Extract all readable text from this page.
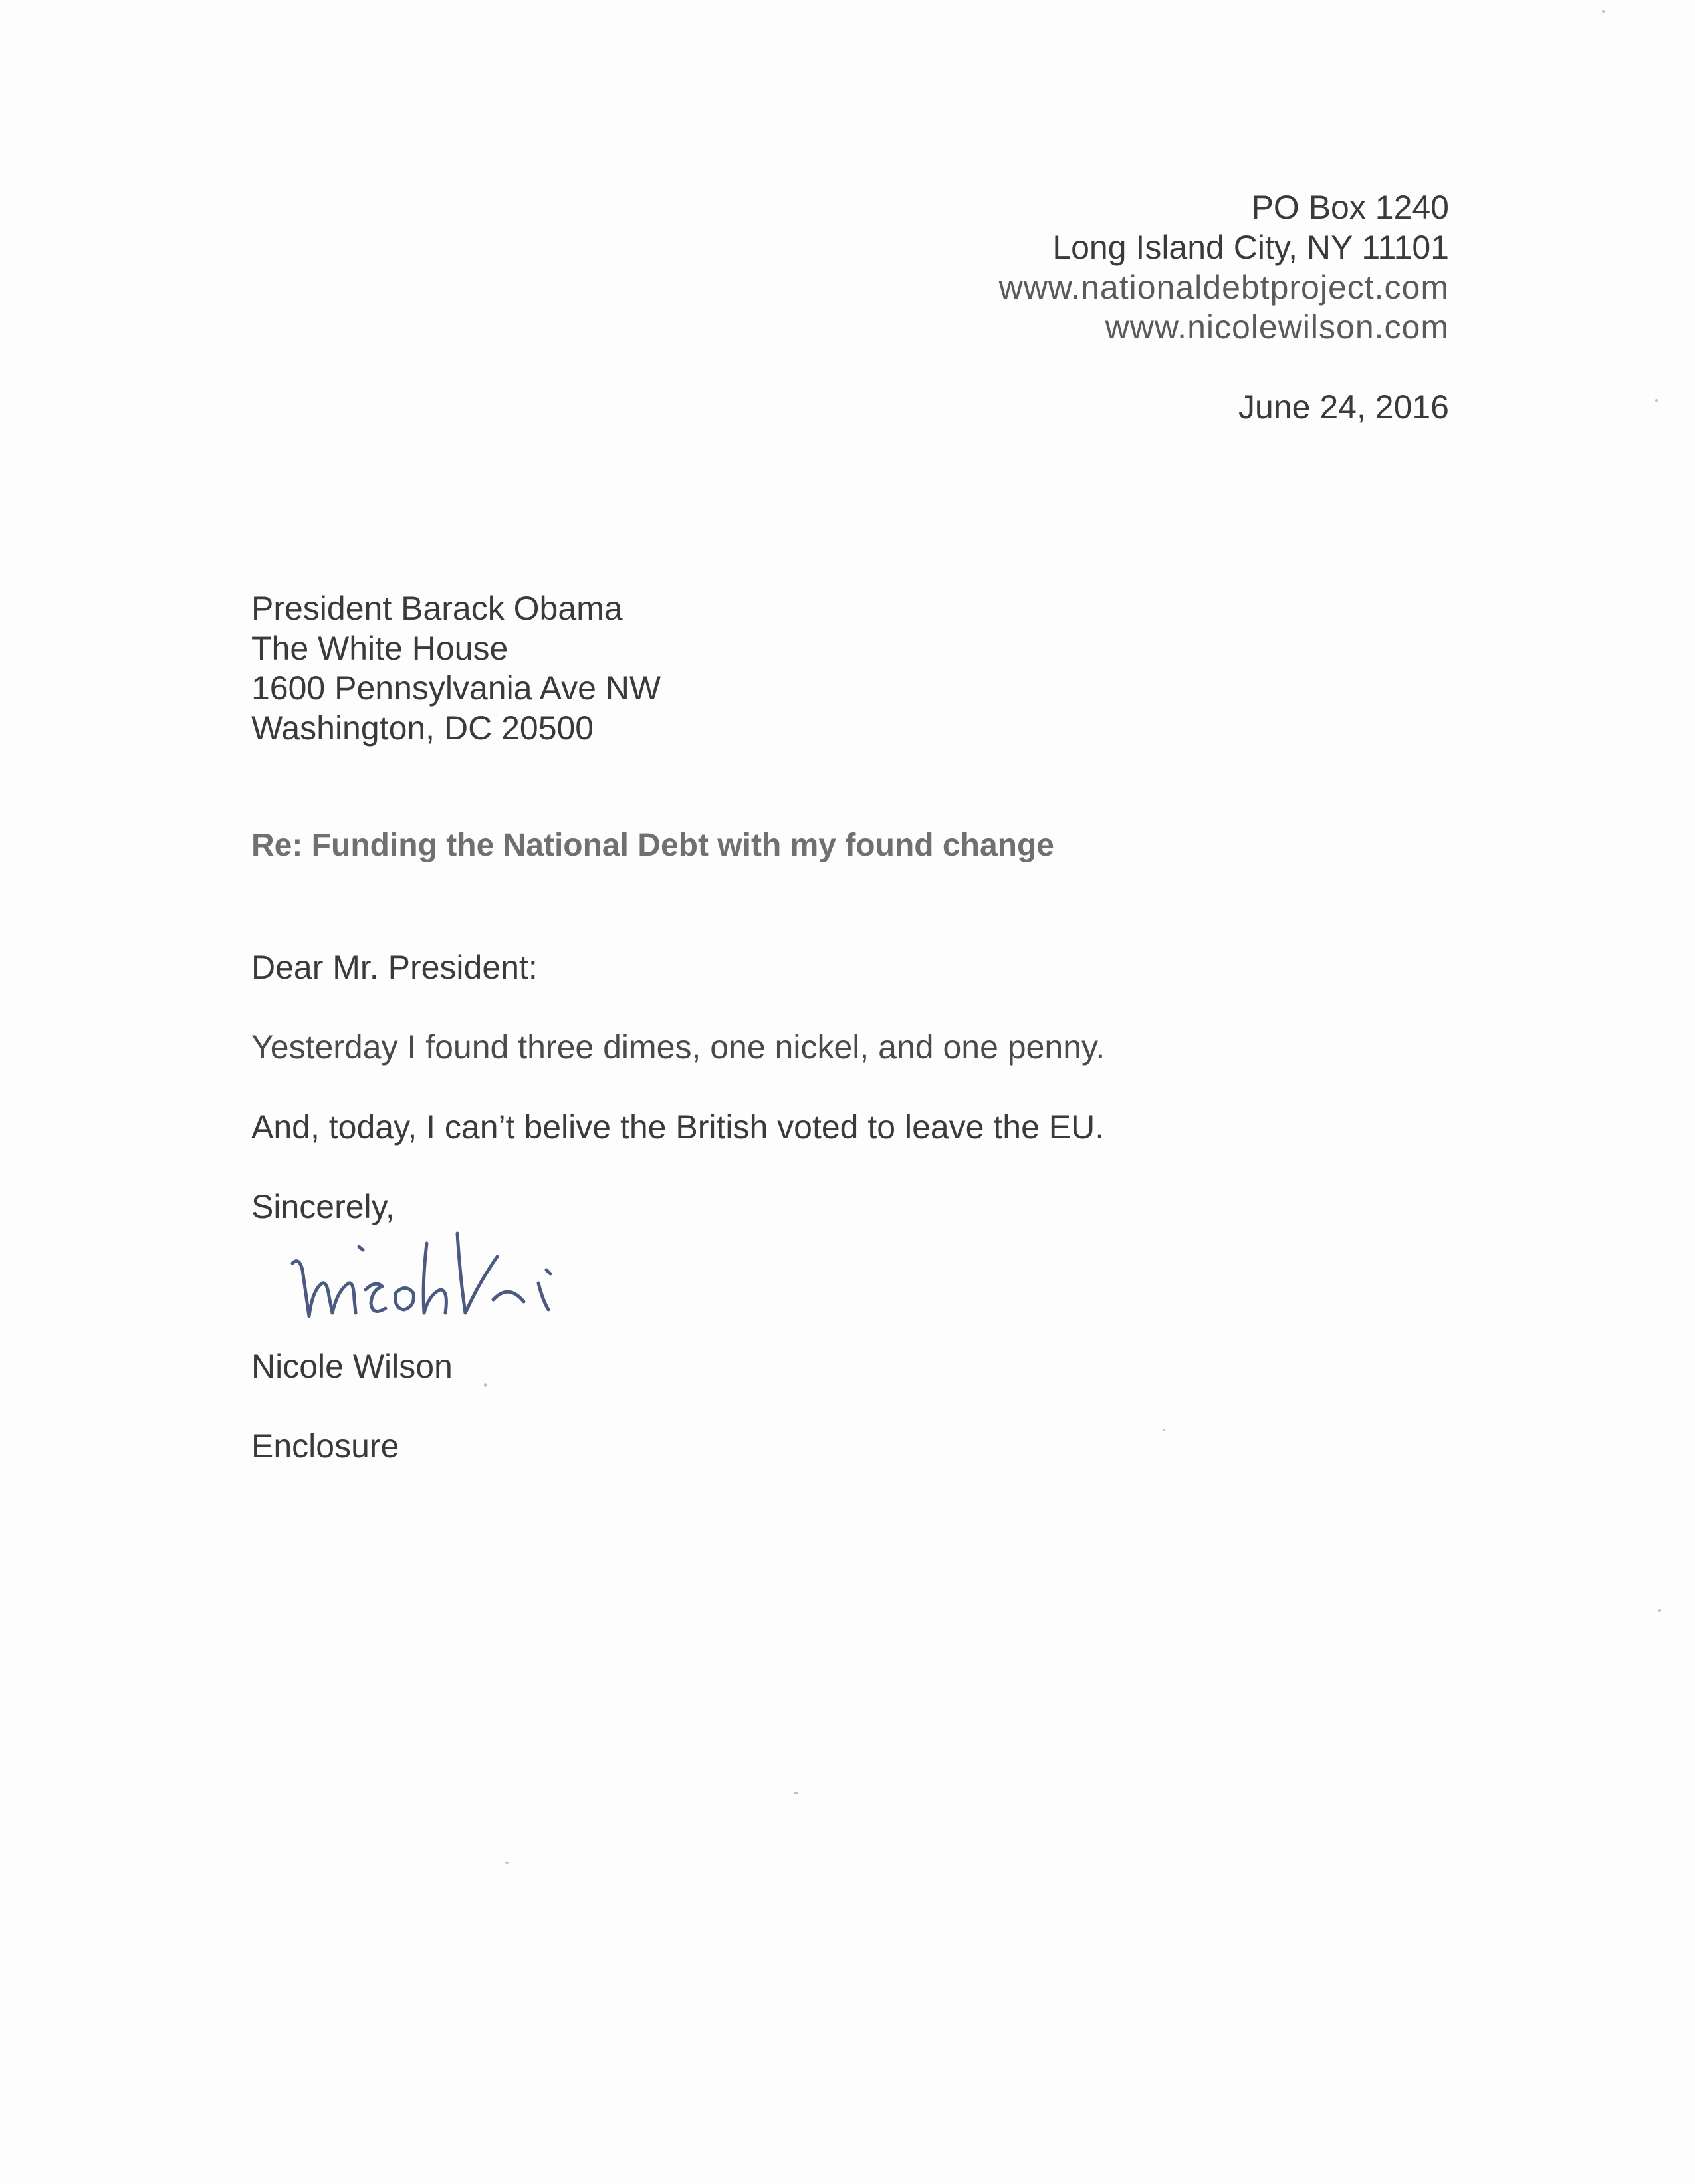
PO Box 1240
Long Island City, NY 11101
www.nationaldebtproject.com
www.nicolewilson.com
June 24, 2016
President Barack Obama
The White House
1600 Pennsylvania Ave NW
Washington, DC 20500
Re: Funding the National Debt with my found change
Dear Mr. President:
Yesterday I found three dimes, one nickel, and one penny.
And, today, I can’t belive the British voted to leave the EU.
Sincerely,
Nicole Wilson
Enclosure
